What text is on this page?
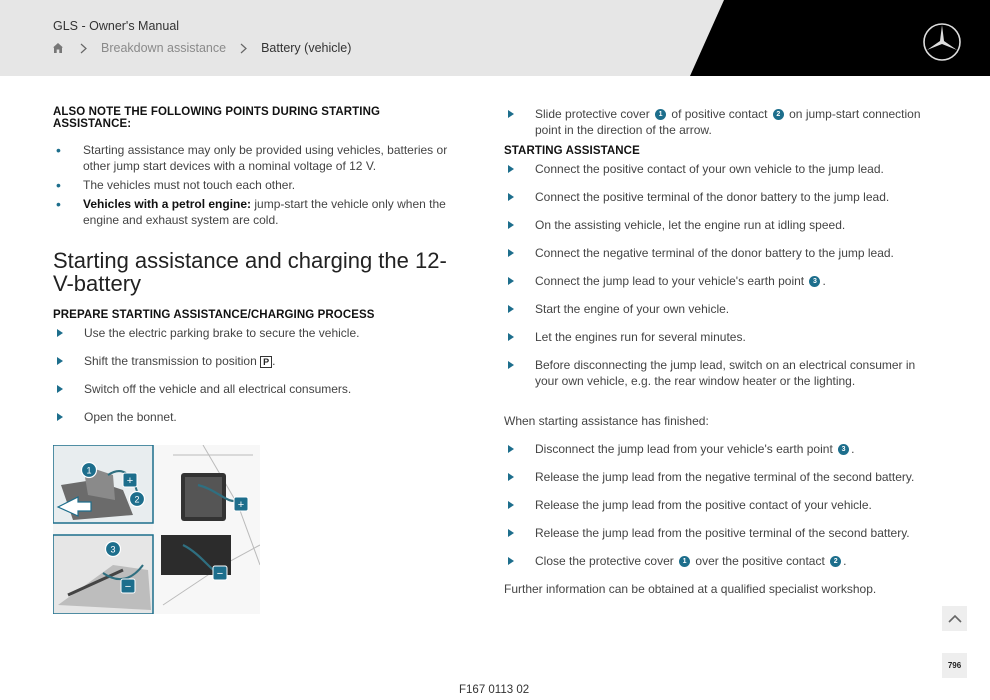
GLS - Owner's Manual
Breakdown assistance	Battery (vehicle)
ALSO NOTE THE FOLLOWING POINTS DURING STARTING ASSISTANCE:
• Starting assistance may only be provided using vehicles, batteries or other jump start devices with a nominal voltage of 12 V.
• The vehicles must not touch each other.
• Vehicles with a petrol engine: jump-start the vehicle only when the engine and exhaust system are cold.
Starting assistance and charging the 12-V-battery
PREPARE STARTING ASSISTANCE/CHARGING PROCESS
Use the electric parking brake to secure the vehicle.
Shift the transmission to position P .
Switch off the vehicle and all electrical consumers.
Open the bonnet.
1
2
3
+
+
−
−
Slide protective cover 1 of positive contact 2 on jump-start connection point in the direction of the arrow.
STARTING ASSISTANCE
Connect the positive contact of your own vehicle to the jump lead.
Connect the positive terminal of the donor battery to the jump lead.
On the assisting vehicle, let the engine run at idling speed.
Connect the negative terminal of the donor battery to the jump lead.
Connect the jump lead to your vehicle's earth point 3 .
Start the engine of your own vehicle.
Let the engines run for several minutes.
Before disconnecting the jump lead, switch on an electrical consumer in your own vehicle, e.g. the rear window heater or the lighting.
When starting assistance has finished:
Disconnect the jump lead from your vehicle's earth point 3 .
Release the jump lead from the negative terminal of the second battery.
Release the jump lead from the positive contact of your vehicle.
Release the jump lead from the positive terminal of the second battery.
Close the protective cover 1 over the positive contact 2 .
Further information can be obtained at a qualified specialist workshop.
F167 0113 02
796
